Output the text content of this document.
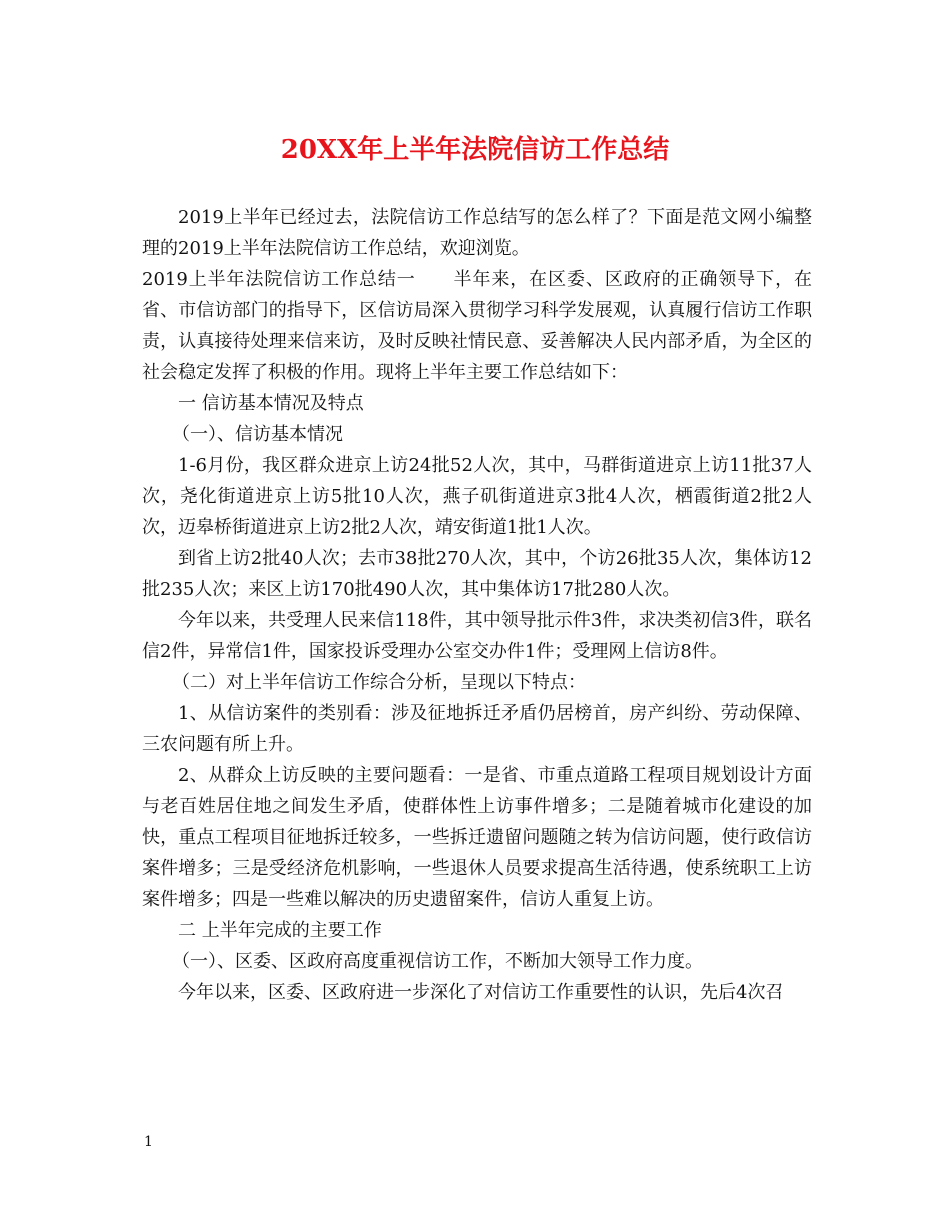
20XX年上半年法院信访工作总结

2019上半年已经过去，法院信访工作总结写的怎么样了？下面是范文网小编整理的2019上半年法院信访工作总结，欢迎浏览。

2019上半年法院信访工作总结一　　半年来，在区委、区政府的正确领导下，在省、市信访部门的指导下，区信访局深入贯彻学习科学发展观，认真履行信访工作职责，认真接待处理来信来访，及时反映社情民意、妥善解决人民内部矛盾，为全区的社会稳定发挥了积极的作用。现将上半年主要工作总结如下：

一 信访基本情况及特点

（一）、信访基本情况

1-6月份，我区群众进京上访24批52人次，其中，马群街道进京上访11批37人次，尧化街道进京上访5批10人次，燕子矶街道进京3批4人次，栖霞街道2批2人次，迈皋桥街道进京上访2批2人次，靖安街道1批1人次。

到省上访2批40人次；去市38批270人次，其中，个访26批35人次，集体访12批235人次；来区上访170批490人次，其中集体访17批280人次。

今年以来，共受理人民来信118件，其中领导批示件3件，求决类初信3件，联名信2件，异常信1件，国家投诉受理办公室交办件1件；受理网上信访8件。

（二）对上半年信访工作综合分析，呈现以下特点：

1、从信访案件的类别看：涉及征地拆迁矛盾仍居榜首，房产纠纷、劳动保障、三农问题有所上升。

2、从群众上访反映的主要问题看：一是省、市重点道路工程项目规划设计方面与老百姓居住地之间发生矛盾，使群体性上访事件增多；二是随着城市化建设的加快，重点工程项目征地拆迁较多，一些拆迁遗留问题随之转为信访问题，使行政信访案件增多；三是受经济危机影响，一些退休人员要求提高生活待遇，使系统职工上访案件增多；四是一些难以解决的历史遗留案件，信访人重复上访。

二 上半年完成的主要工作

（一）、区委、区政府高度重视信访工作，不断加大领导工作力度。

今年以来，区委、区政府进一步深化了对信访工作重要性的认识，先后4次召

1
